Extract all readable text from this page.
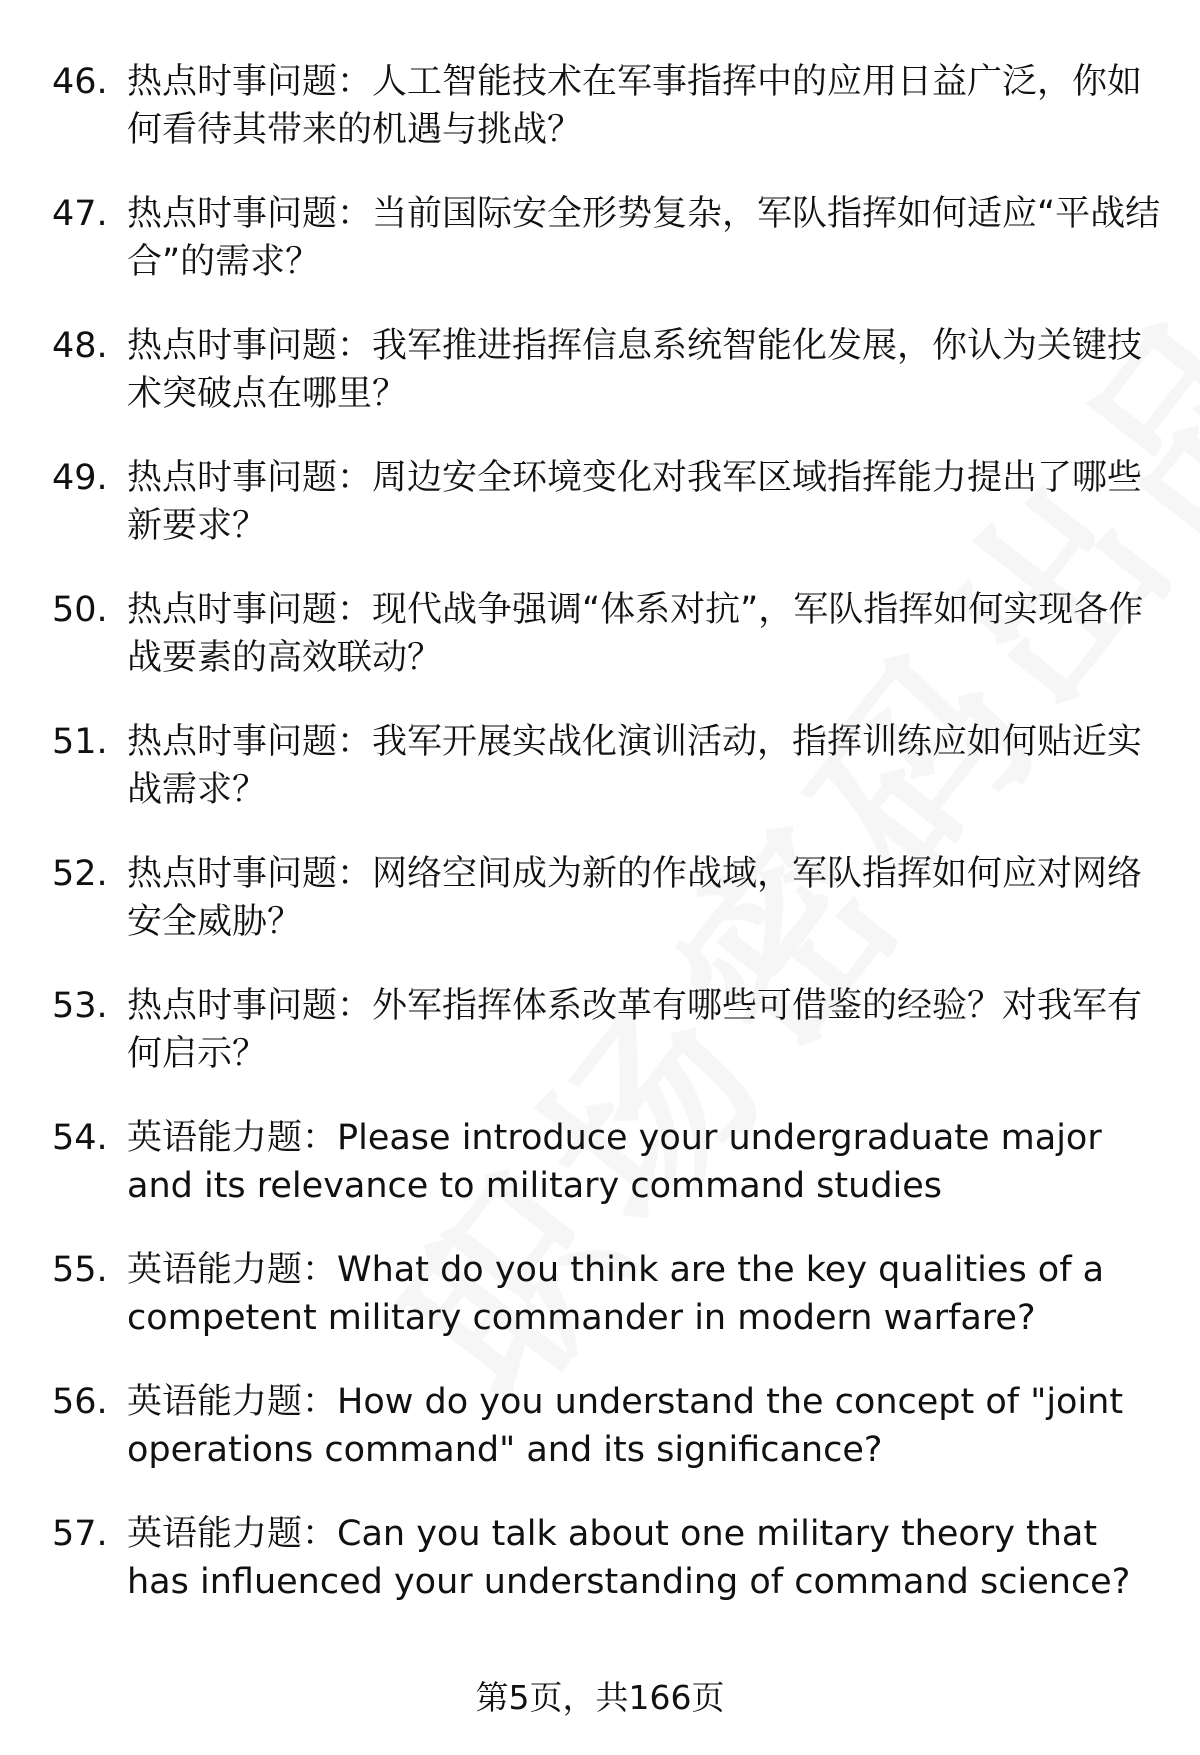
46. 热点时事问题：人工智能技术在军事指挥中的应用日益广泛，你如何看待其带来的机遇与挑战？
47. 热点时事问题：当前国际安全形势复杂，军队指挥如何适应“平战结合”的需求？
48. 热点时事问题：我军推进指挥信息系统智能化发展，你认为关键技术突破点在哪里？
49. 热点时事问题：周边安全环境变化对我军区域指挥能力提出了哪些新要求？
50. 热点时事问题：现代战争强调“体系对抗”，军队指挥如何实现各作战要素的高效联动？
51. 热点时事问题：我军开展实战化演训活动，指挥训练应如何贴近实战需求？
52. 热点时事问题：网络空间成为新的作战域，军队指挥如何应对网络安全威胁？
53. 热点时事问题：外军指挥体系改革有哪些可借鉴的经验？对我军有何启示？
54. 英语能力题：Please introduce your undergraduate major and its relevance to military command studies
55. 英语能力题：What do you think are the key qualities of a competent military commander in modern warfare?
56. 英语能力题：How do you understand the concept of "joint operations command" and its significance?
57. 英语能力题：Can you talk about one military theory that has influenced your understanding of command science?
第5页，共166页
